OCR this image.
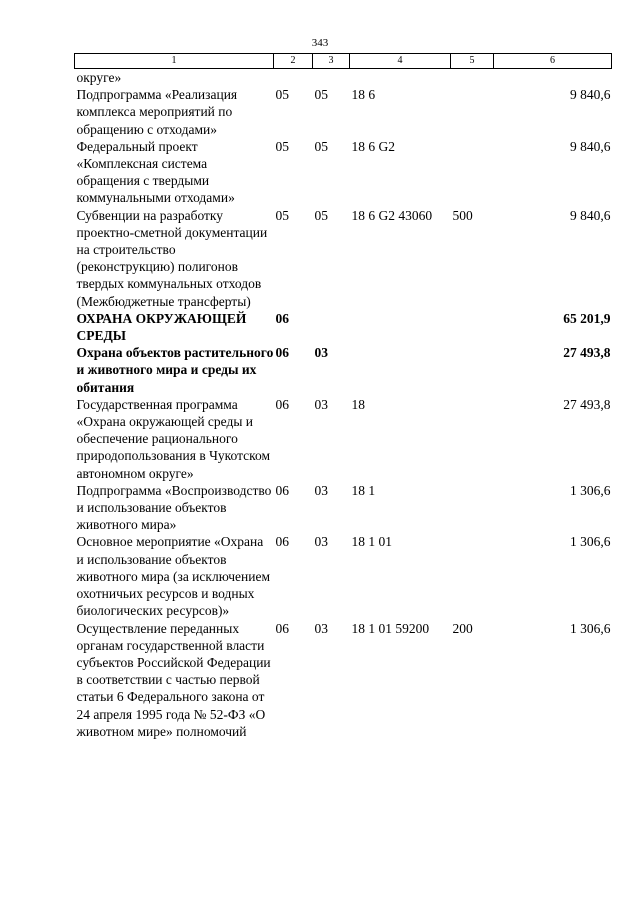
343
1	2	3	4	5	6
округе»					
Подпрограмма «Реализация комплекса мероприятий по обращению с отходами»	05	05	18 6		9 840,6
Федеральный проект «Комплексная система обращения с твердыми коммунальными отходами»	05	05	18 6 G2		9 840,6
Субвенции на разработку проектно-сметной документации на строительство (реконструкцию) полигонов твердых коммунальных отходов (Межбюджетные трансферты)	05	05	18 6 G2 43060	500	9 840,6
ОХРАНА ОКРУЖАЮЩЕЙ СРЕДЫ	06				65 201,9
Охрана объектов растительного и животного мира и среды их обитания	06	03			27 493,8
Государственная программа «Охрана окружающей среды и обеспечение рационального природопользования в Чукотском автономном округе»	06	03	18		27 493,8
Подпрограмма «Воспроизводство и использование объектов животного мира»	06	03	18 1		1 306,6
Основное мероприятие «Охрана и использование объектов животного мира (за исключением охотничьих ресурсов и водных биологических ресурсов)»	06	03	18 1 01		1 306,6
Осуществление переданных органам государственной власти субъектов Российской Федерации в соответствии с частью первой статьи 6 Федерального закона от 24 апреля 1995 года № 52-ФЗ «О животном мире» полномочий	06	03	18 1 01 59200	200	1 306,6
